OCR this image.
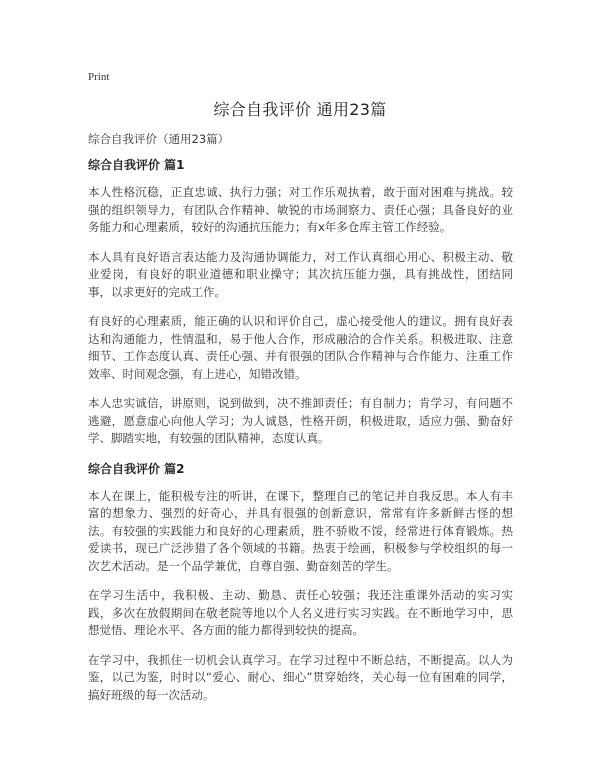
Print
综合自我评价 通用23篇
综合自我评价（通用23篇）
综合自我评价 篇1

本人性格沉稳，正直忠诚、执行力强；对工作乐观执着，敢于面对困难与挑战。较强的组织领导力，有团队合作精神、敏锐的市场洞察力、责任心强；具备良好的业务能力和心理素质，较好的沟通抗压能力；有x年多仓库主管工作经验。

本人具有良好语言表达能力及沟通协调能力，对工作认真细心用心、积极主动、敬业爱岗，有良好的职业道德和职业操守；其次抗压能力强，具有挑战性，团结同事，以求更好的完成工作。

有良好的心理素质，能正确的认识和评价自己，虚心接受他人的建议。拥有良好表达和沟通能力，性情温和，易于他人合作，形成融洽的合作关系。积极进取、注意细节、工作态度认真、责任心强、并有很强的团队合作精神与合作能力、注重工作效率、时间观念强，有上进心，知错改错。

本人忠实诚信，讲原则，说到做到，决不推卸责任；有自制力；肯学习，有问题不逃避，愿意虚心向他人学习；为人诚恳，性格开朗，积极进取，适应力强、勤奋好学、脚踏实地，有较强的团队精神，态度认真。

综合自我评价 篇2

本人在课上，能积极专注的听讲，在课下，整理自己的笔记并自我反思。本人有丰富的想象力、强烈的好奇心，并具有很强的创新意识，常常有许多新鲜古怪的想法。有较强的实践能力和良好的心理素质，胜不骄败不馁，经常进行体育锻炼。热爱读书，现已广泛涉猎了各个领域的书籍。热衷于绘画，积极参与学校组织的每一次艺术活动。是一个品学兼优，自尊自强、勤奋刻苦的学生。

在学习生活中，我积极、主动、勤恳、责任心较强；我还注重课外活动的实习实践，多次在放假期间在敬老院等地以个人名义进行实习实践。在不断地学习中，思想觉悟、理论水平、各方面的能力都得到较快的提高。

在学习中，我抓住一切机会认真学习。在学习过程中不断总结，不断提高。以人为鉴，以己为鉴，时时以“爱心、耐心、细心”贯穿始终，关心每一位有困难的同学，搞好班级的每一次活动。
